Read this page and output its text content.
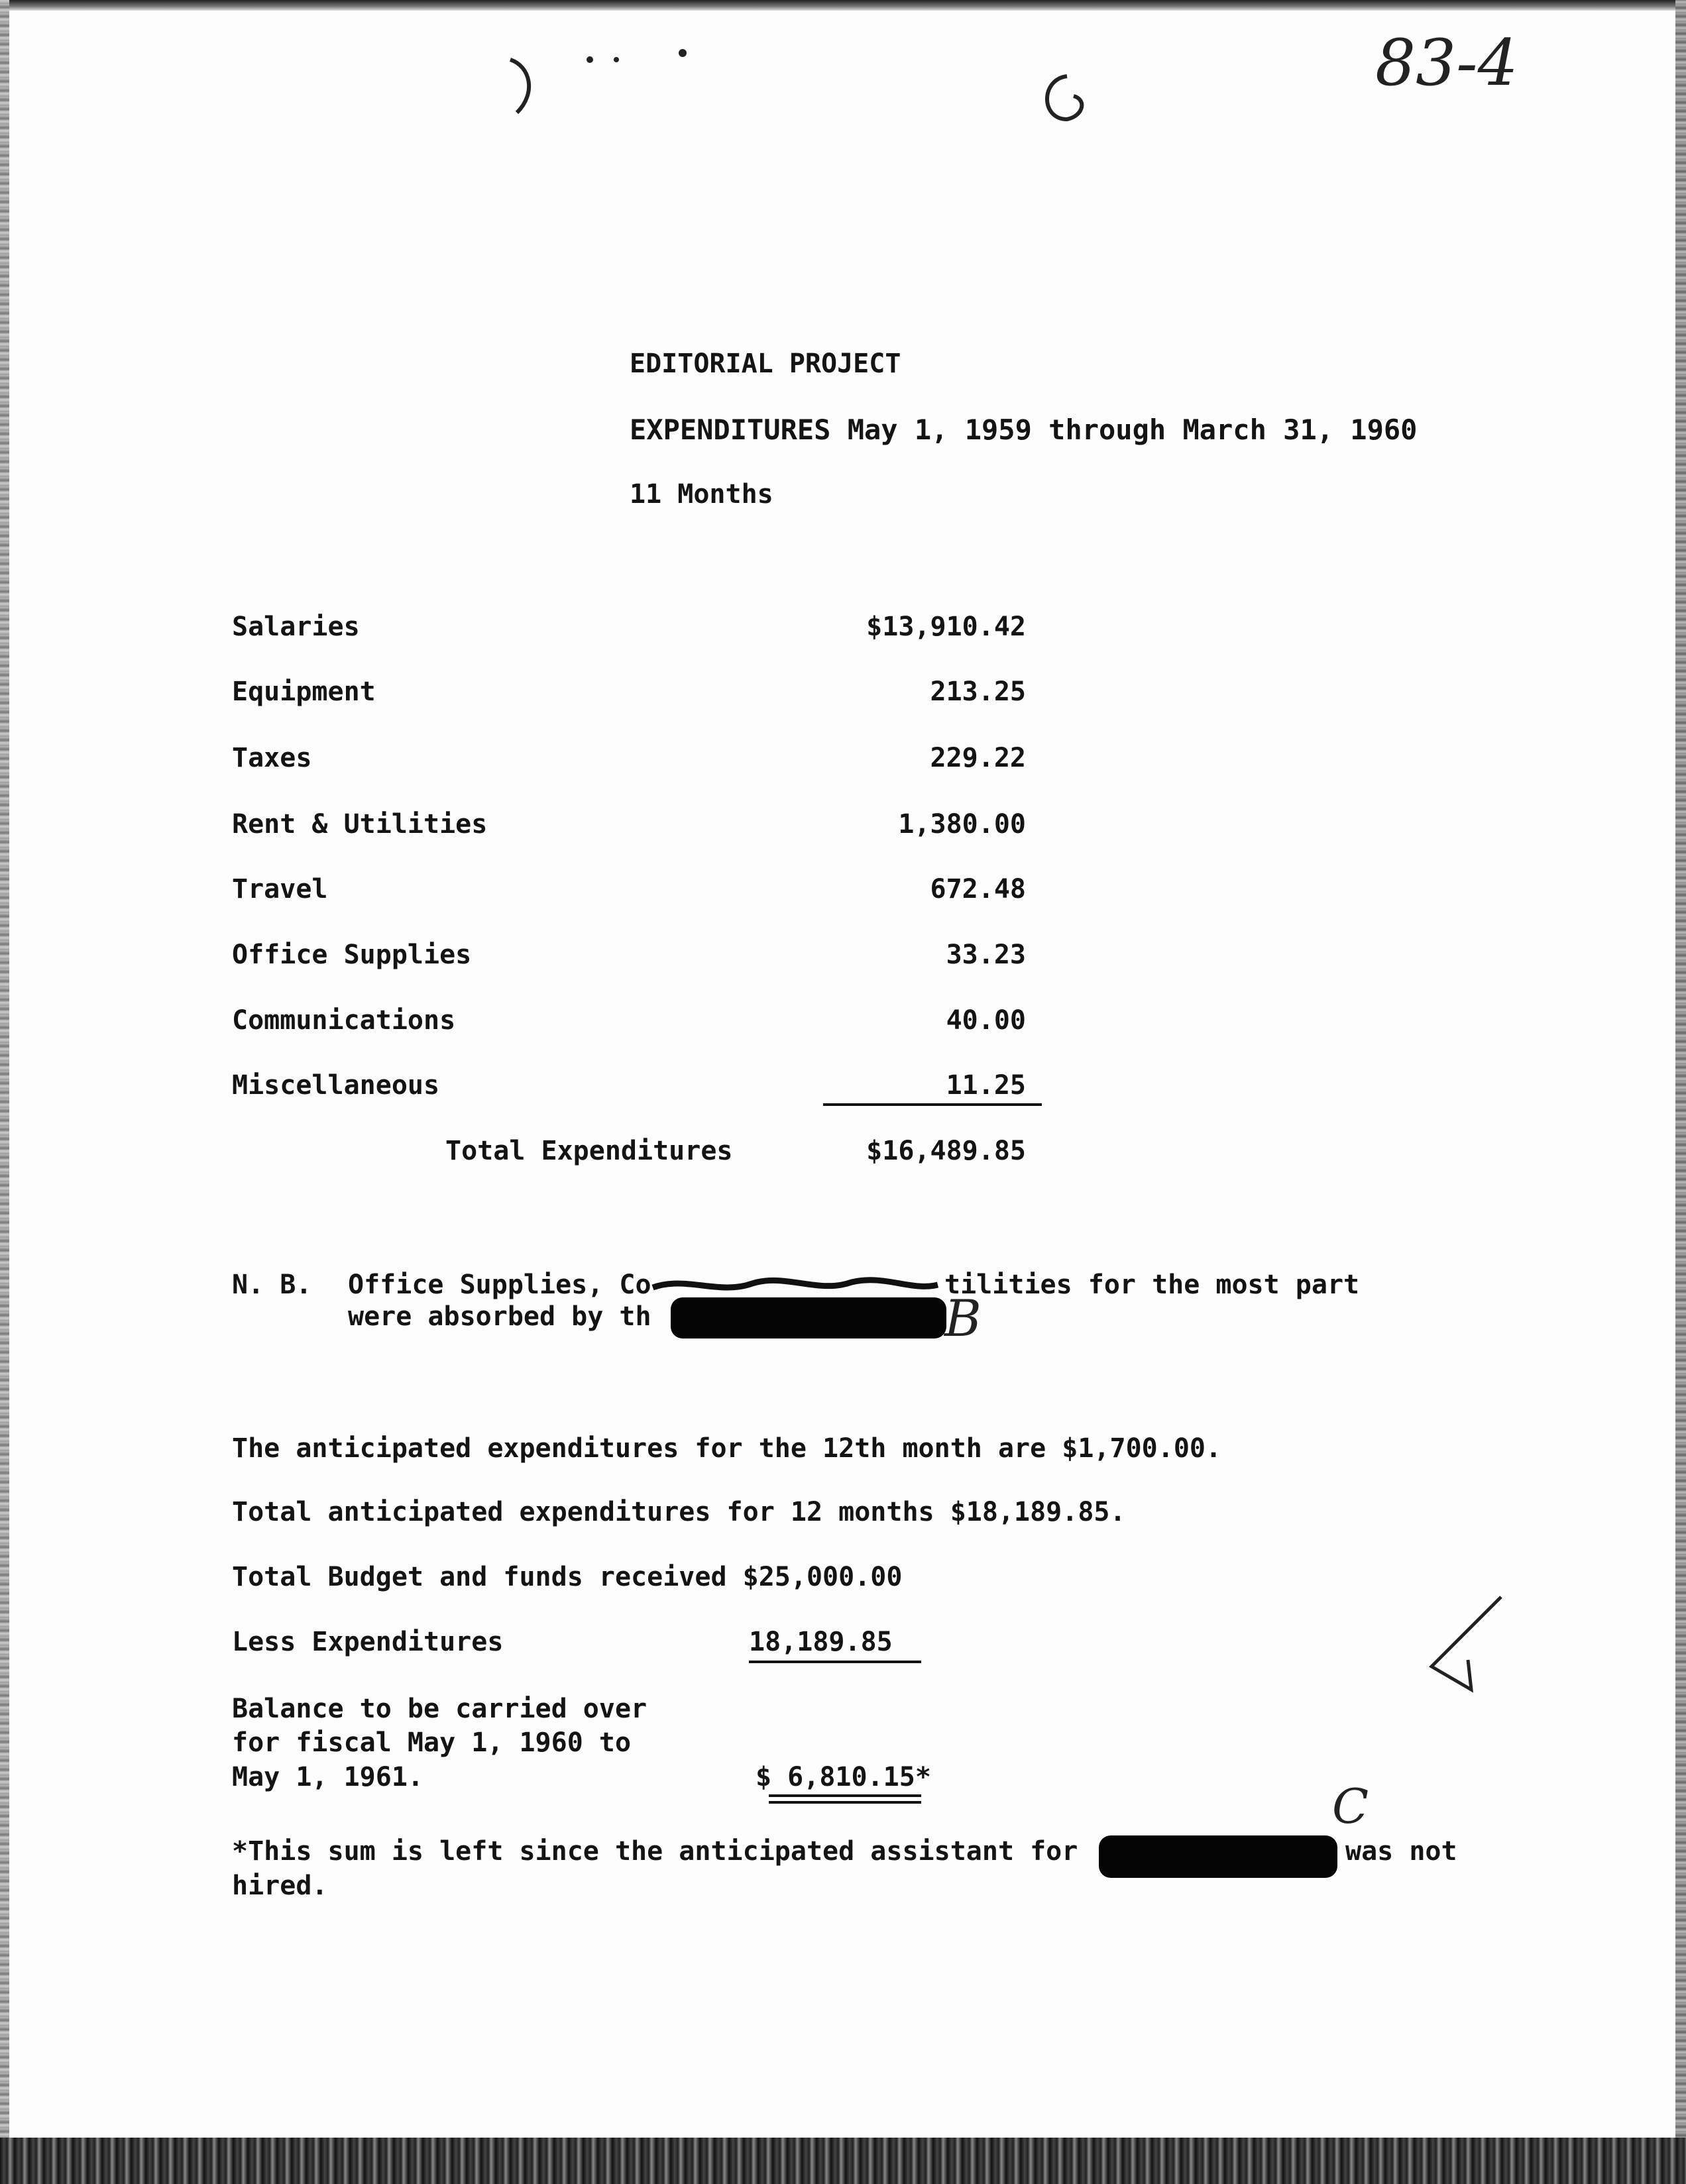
83-4
EDITORIAL PROJECT
EXPENDITURES May 1, 1959 through March 31, 1960
11 Months
Salaries	$13,910.42
Equipment	213.25
Taxes	229.22
Rent & Utilities	1,380.00
Travel	672.48
Office Supplies	33.23
Communications	40.00
Miscellaneous	11.25
Total Expenditures	$16,489.85
N. B. Office Supplies, Co	tilities for the most part
were absorbed by th	B
The anticipated expenditures for the 12th month are $1,700.00.
Total anticipated expenditures for 12 months $18,189.85.
Total Budget and funds received $25,000.00
Less Expenditures	18,189.85
Balance to be carried over
for fiscal May 1, 1960 to
May 1, 1961.	$ 6,810.15*
C
*This sum is left since the anticipated assistant for	was not
hired.
